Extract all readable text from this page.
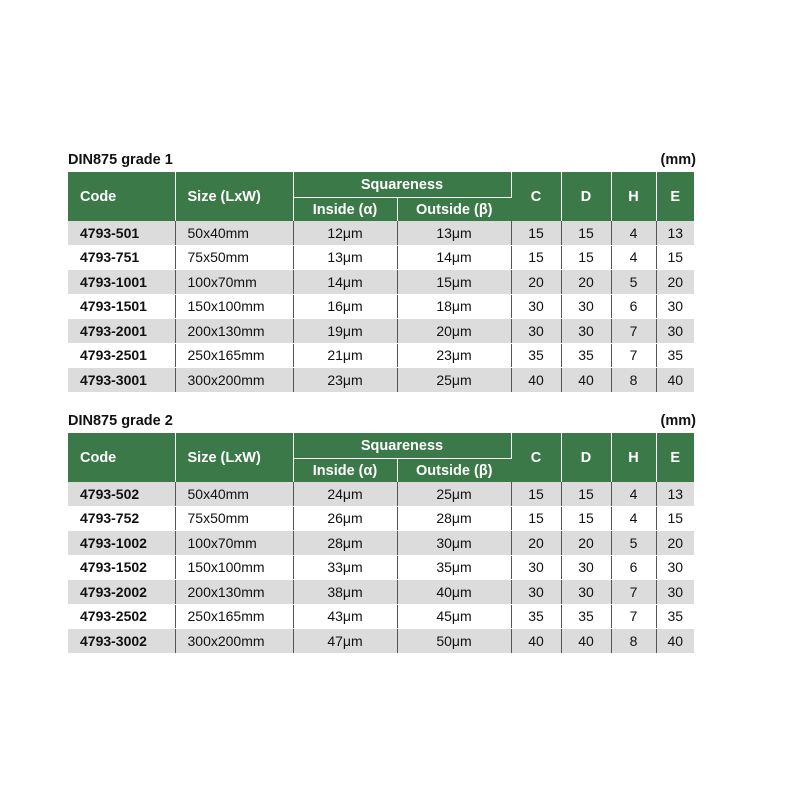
DIN875 grade 1	(mm)
Code	Size (LxW)	Squareness		C	D	H	E
		Inside (α)	Outside (β)				
4793-501	50x40mm	12μm	13μm	15	15	4	13
4793-751	75x50mm	13μm	14μm	15	15	4	15
4793-1001	100x70mm	14μm	15μm	20	20	5	20
4793-1501	150x100mm	16μm	18μm	30	30	6	30
4793-2001	200x130mm	19μm	20μm	30	30	7	30
4793-2501	250x165mm	21μm	23μm	35	35	7	35
4793-3001	300x200mm	23μm	25μm	40	40	8	40
DIN875 grade 2	(mm)
Code	Size (LxW)	Squareness		C	D	H	E
		Inside (α)	Outside (β)				
4793-502	50x40mm	24μm	25μm	15	15	4	13
4793-752	75x50mm	26μm	28μm	15	15	4	15
4793-1002	100x70mm	28μm	30μm	20	20	5	20
4793-1502	150x100mm	33μm	35μm	30	30	6	30
4793-2002	200x130mm	38μm	40μm	30	30	7	30
4793-2502	250x165mm	43μm	45μm	35	35	7	35
4793-3002	300x200mm	47μm	50μm	40	40	8	40
